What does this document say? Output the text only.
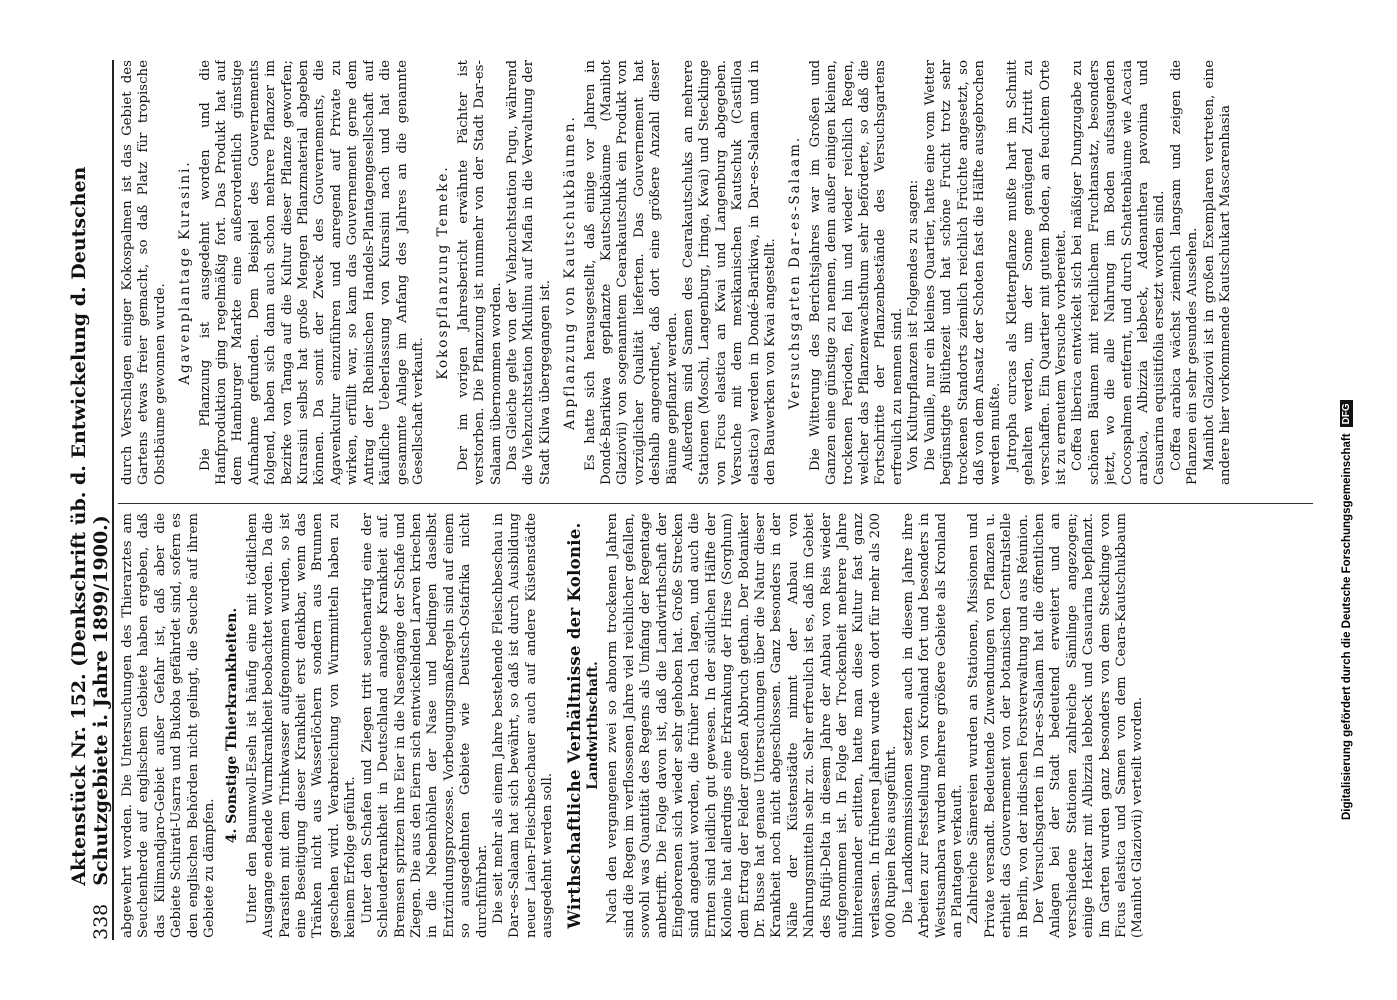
338
Aktenstück Nr. 152. (Denkschrift üb. d. Entwickelung d. Deutschen Schutzgebiete i. Jahre 1899/1900.) abgewehrt worden. Die Untersuchungen des Thierarztes am Seuchenherde auf englischem Gebiete haben ergeben, daß das Kilimandjaro-Gebiet außer Gefahr ist, daß aber die Gebiete Schirati-Usarra und Bukoba gefährdet sind, sofern es den englischen Behörden nicht gelingt, die Seuche auf ihrem Gebiete zu dämpfen.

4. Sonstige Thierkrankheiten. Unter den Baumwoll-Eseln ist häufig eine mit tödtlichem Ausgange endende Wurmkrankheit beobachtet worden. Da die Parasiten mit dem Trinkwasser aufgenommen wurden, so ist eine Beseitigung dieser Krankheit erst denkbar, wenn das Tränken nicht aus Wasserlöchern sondern aus Brunnen geschehen wird. Verabreichung von Wurmmitteln haben zu keinem Erfolge geführt. Unter den Schafen und Ziegen tritt seuchenartig eine der Schleuderkrankheit in Deutschland analoge Krankheit auf. Bremsen spritzen ihre Eier in die Nasengänge der Schafe und Ziegen. Die aus den Eiern sich entwickelnden Larven kriechen in die Nebenhöhlen der Nase und bedingen daselbst Entzündungsprozesse. Vorbeugungsmaßregeln sind auf einem so ausgedehnten Gebiete wie Deutsch-Ostafrika nicht durchführbar. Die seit mehr als einem Jahre bestehende Fleischbeschau in Dar-es-Salaam hat sich bewährt, so daß ist durch Ausbildung neuer Laien-Fleischbeschauer auch auf andere Küstenstädte ausgedehnt werden soll. Wirthschaftliche Verhältnisse der Kolonie. Landwirthschaft. Nach den vergangenen zwei so abnorm trockenen Jahren sind die Regen im verflossenen Jahre viel reichlicher gefallen, sowohl was Quantität des Regens als Umfang der Regentage anbetrifft. Die Folge davon ist, daß die Landwirthschaft der Eingeborenen sich wieder sehr gehoben hat. Große Strecken sind angebaut worden, die früher brach lagen, und auch die Ernten sind leidlich gut gewesen. In der südlichen Hälfte der Kolonie hat allerdings eine Erkrankung der Hirse (Sorghum) dem Ertrag der Felder großen Abbruch gethan. Der Botaniker Dr. Busse hat genaue Untersuchungen über die Natur dieser Krankheit noch nicht abgeschlossen. Ganz besonders in der Nähe der Küstenstädte nimmt der Anbau von Nahrungsmitteln sehr zu. Sehr erfreulich ist es, daß im Gebiet des Rufiji-Delta in diesem Jahre der Anbau von Reis wieder aufgenommen ist. In Folge der Trockenheit mehrere Jahre hintereinander erlitten, hatte man diese Kultur fast ganz verlassen. In früheren Jahren wurde von dort für mehr als 200 000 Rupien Reis ausgeführt. Die Landkommissionen setzten auch in diesem Jahre ihre Arbeiten zur Feststellung von Kronland fort und besonders in Westusambara wurden mehrere größere Gebiete als Kronland an Plantagen verkauft. Zahlreiche Sämereien wurden an Stationen, Missionen und Private versandt. Bedeutende Zuwendungen von Pflanzen u. erhielt das Gouvernement von der botanischen Centralstelle in Berlin, von der indischen Forstverwaltung und aus Réunion. Der Versuchsgarten in Dar-es-Salaam hat die öffentlichen Anlagen bei der Stadt bedeutend erweitert und an verschiedene Stationen zahlreiche Sämlinge angezogen; einige Hektar mit Albizzia lebbeck und Casuarina bepflanzt. Im Garten wurden ganz besonders von dem Stecklinge von Ficus elastica und Samen von dem Ceara-Kautschukbaum (Manihot Glaziovii) verteilt worden.

durch Verschlagen einiger Kokospalmen ist das Gebiet des Gartens etwas freier gemacht, so daß Platz für tropische Obstbäume gewonnen wurde. Agavenplantage Kurasini. Die Pflanzung ist ausgedehnt worden und die Hanfproduktion ging regelmäßig fort. Das Produkt hat auf dem Hamburger Markte eine außerordentlich günstige Aufnahme gefunden. Dem Beispiel des Gouvernements folgend, haben sich dann auch schon mehrere Pflanzer im Bezirke von Tanga auf die Kultur dieser Pflanze geworfen; Kurasini selbst hat große Mengen Pflanzmaterial abgeben können. Da somit der Zweck des Gouvernements, die Agavenkultur einzuführen und anregend auf Private zu wirken, erfüllt war, so kam das Gouvernement gerne dem Antrag der Rheinischen Handels-Plantagengesellschaft auf käufliche Ueberlassung von Kurasini nach und hat die gesammte Anlage im Anfang des Jahres an die genannte Gesellschaft verkauft.

Kokospflanzung Temeke. Der im vorigen Jahresbericht erwähnte Pächter ist verstorben. Die Pflanzung ist nunmehr von der Stadt Dar-es-Salaam übernommen worden. Das Gleiche gelte von der Viehzuchtstation Pugu, während die Viehzuchtstation Mkulinu auf Mafia in die Verwaltung der Stadt Kilwa übergegangen ist. Anpflanzung von Kautschukbäumen. Es hatte sich herausgestellt, daß einige vor Jahren in Dondé-Barikiwa gepflanzte Kautschukbäume (Manihot Glaziovii) von sogenanntem Cearakautschuk ein Produkt von vorzüglicher Qualität lieferten. Das Gouvernement hat deshalb angeordnet, daß dort eine größere Anzahl dieser Bäume gepflanzt werden. Außerdem sind Samen des Cearakautschuks an mehrere Stationen (Moschi, Langenburg, Iringa, Kwai) und Stecklinge von Ficus elastica an Kwai und Langenburg abgegeben. Versuche mit dem mexikanischen Kautschuk (Castilloa elastica) werden in Dondé-Barikiwa, in Dar-es-Salaam und in den Bauwerken von Kwai angestellt. Versuchsgarten Dar-es-Salaam. Die Witterung des Berichtsjahres war im Großen und Ganzen eine günstige zu nennen, denn außer einigen kleinen, trockenen Perioden, fiel hin und wieder reichlich Regen, welcher das Pflanzenwachsthum sehr beförderte, so daß die Fortschritte der Pflanzenbestände des Versuchsgartens erfreulich zu nennen sind. Von Kulturpflanzen ist Folgendes zu sagen: Die Vanille, nur ein kleines Quartier, hatte eine vom Wetter begünstigte Blüthezeit und hat schöne Frucht trotz sehr trockenen Standorts ziemlich reichlich Früchte angesetzt, so daß von dem Ansatz der Schoten fast die Hälfte ausgebrochen werden mußte. Jatropha curcas als Kletterpflanze mußte hart im Schnitt gehalten werden, um der Sonne genügend Zutritt zu verschaffen. Ein Quartier mit gutem Boden, an feuchtem Orte ist zu erneutem Versuche vorbereitet. Coffea liberica entwickelt sich bei mäßiger Dungzugabe zu schönen Bäumen mit reichlichem Fruchtansatz, besonders jetzt, wo die alle Nahrung im Boden aufsaugenden Cocospalmen entfernt, und durch Schattenbäume wie Acacia arabica, Albizzia lebbeck, Adenanthera pavonina und Casuarina equisitifolia ersetzt worden sind. Coffea arabica wächst ziemlich langsam und zeigen die Pflanzen ein sehr gesundes Aussehen. Manihot Glaziovii ist in großen Exemplaren vertreten, eine andere hier vorkommende Kautschukart Mascarenhasia

Digitalisierung gefördert durch die Deutsche Forschungsgemeinschaft
DFG
